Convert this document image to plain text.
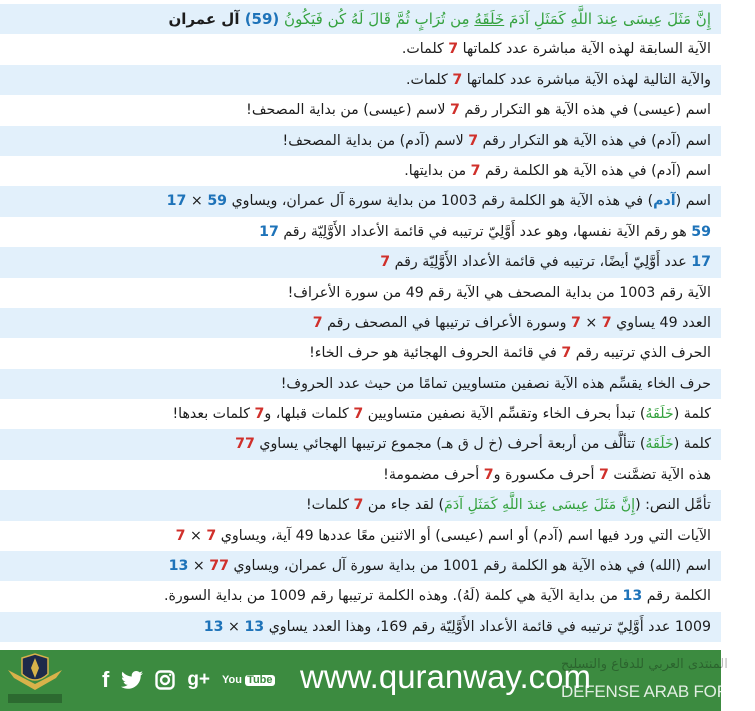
إِنَّ مَثَلَ عِيسَى عِندَ اللَّهِ كَمَثَلِ آدَمَ خَلَقَهُ مِن تُرَابٍ ثُمَّ قَالَ لَهُ كُن فَيَكُونُ (59) آل عمران
الآية السابقة لهذه الآية مباشرة عدد كلماتها 7 كلمات.
والآية التالية لهذه الآية مباشرة عدد كلماتها 7 كلمات.
اسم (عيسى) في هذه الآية هو التكرار رقم 7 لاسم (عيسى) من بداية المصحف!
اسم (آدم) في هذه الآية هو التكرار رقم 7 لاسم (آدم) من بداية المصحف!
اسم (آدم) في هذه الآية هو الكلمة رقم 7 من بدايتها.
اسم (آدم) في هذه الآية هو الكلمة رقم 1003 من بداية سورة آل عمران، ويساوي 59 × 17
59 هو رقم الآية نفسها، وهو عدد أَوَّلِيّ ترتيبه في قائمة الأعداد الأَوَّلِيّة رقم 17
17 عدد أَوَّلِيّ أيضًا، ترتيبه في قائمة الأعداد الأَوَّلِيّة رقم 7
الآية رقم 1003 من بداية المصحف هي الآية رقم 49 من سورة الأعراف!
العدد 49 يساوي 7 × 7 وسورة الأعراف ترتيبها في المصحف رقم 7
الحرف الذي ترتيبه رقم 7 في قائمة الحروف الهجائية هو حرف الخاء!
حرف الخاء يقسِّم هذه الآية نصفين متساويين تمامًا من حيث عدد الحروف!
كلمة (خَلَقَهُ) تبدأ بحرف الخاء وتقسِّم الآية نصفين متساويين 7 كلمات قبلها، و7 كلمات بعدها!
كلمة (خَلَقَهُ) تتألَّف من أربعة أحرف (خ ل ق هـ) مجموع ترتيبها الهجائي يساوي 77
هذه الآية تضمَّنت 7 أحرف مكسورة و7 أحرف مضمومة!
تأمَّل النص: (إِنَّ مَثَلَ عِيسَى عِندَ اللَّهِ كَمَثَلِ آدَمَ) لقد جاء من 7 كلمات!
الآيات التي ورد فيها اسم (آدم) أو اسم (عيسى) أو الاثنين معًا عددها 49 آية، ويساوي 7 × 7
اسم (الله) في هذه الآية هو الكلمة رقم 1001 من بداية سورة آل عمران، ويساوي 77 × 13
الكلمة رقم 13 من بداية الآية هي كلمة (لَهُ). وهذه الكلمة ترتيبها رقم 1009 من بداية السورة.
1009 عدد أَوَّلِيّ ترتيبه في قائمة الأعداد الأَوَّلِيّة رقم 169، وهذا العدد يساوي 13 × 13
f	g+ You Tube www.quranway.com
المنتدى العربي للدفاع والتسليح
DEFENSE ARAB FORUM
